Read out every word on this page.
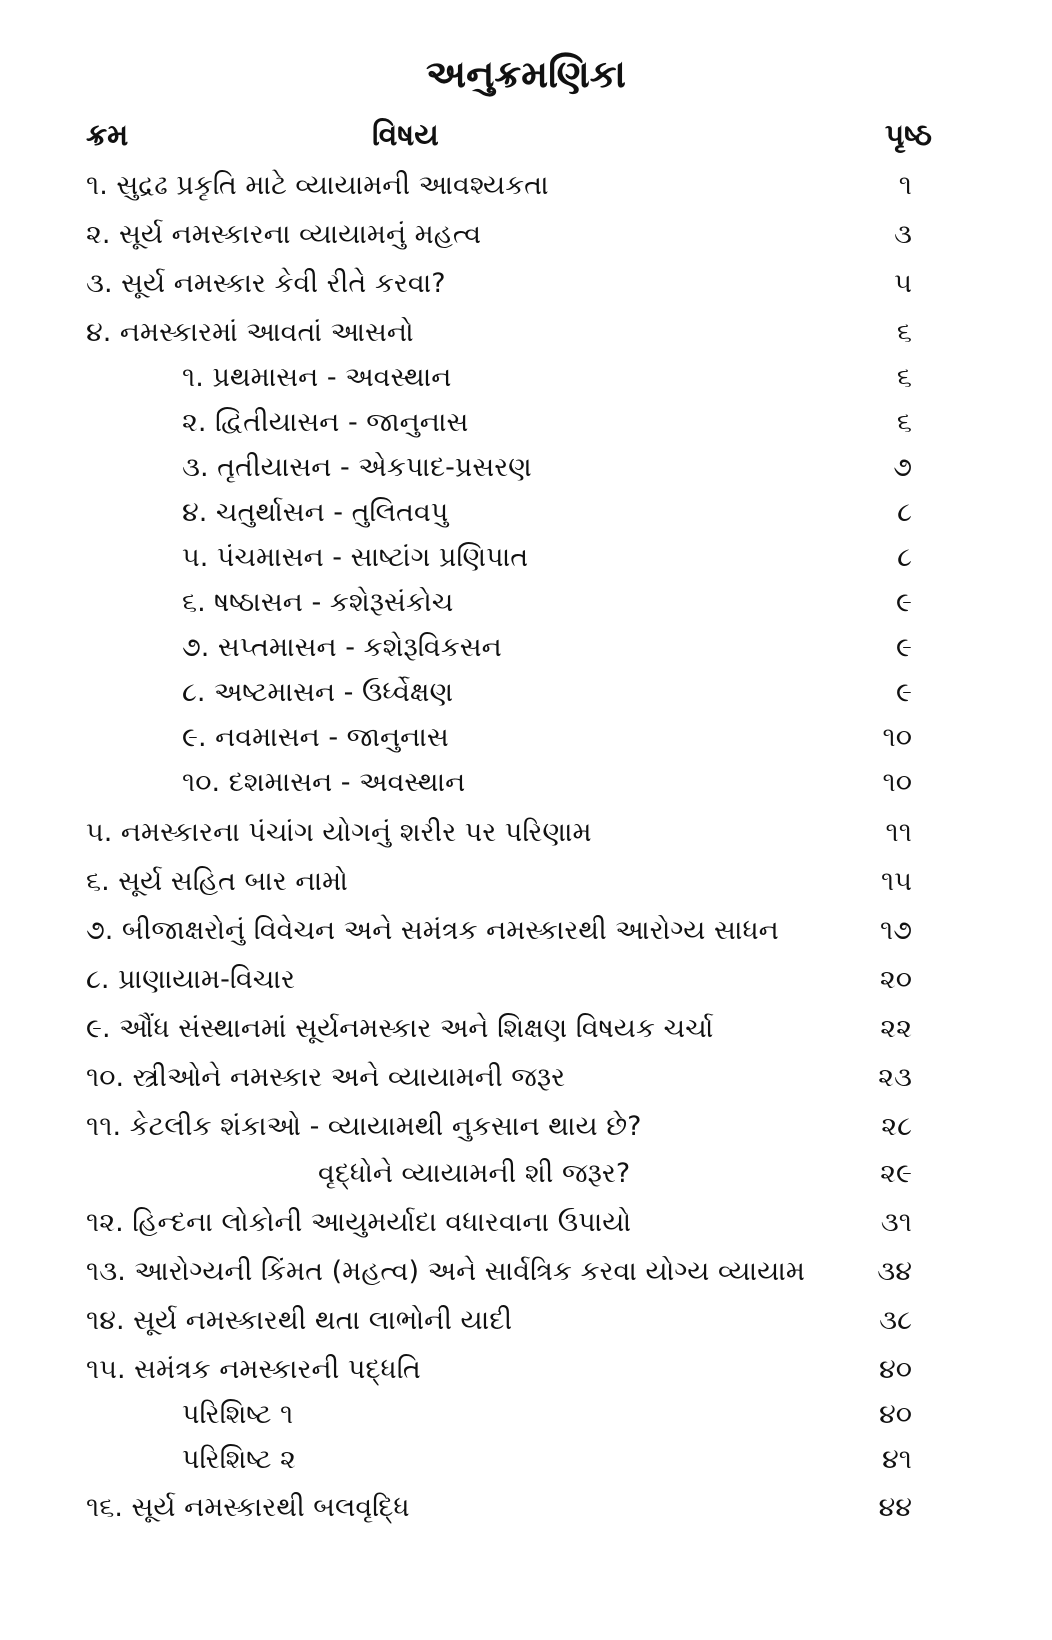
અનુક્રમણિકા
ક્રમ	વિષય	પૃષ્ઠ
૧. સુદ્રઢ પ્રકૃતિ માટે વ્યાયામની આવશ્યકતા	૧
૨. સૂર્ય નમસ્કારના વ્યાયામનું મહત્વ	૩
૩. સૂર્ય નમસ્કાર કેવી રીતે કરવા?	૫
૪. નમસ્કારમાં આવતાં આસનો	૬
૧. પ્રથમાસન - અવસ્થાન	૬
૨. દ્વિતીયાસન - જાનુનાસ	૬
૩. તૃતીયાસન - એકપાદ-પ્રસરણ	૭
૪. ચતુર્થાસન - તુલિતવપુ	૮
૫. પંચમાસન - સાષ્ટાંગ પ્રણિપાત	૮
૬. ષષ્ઠાસન - કશેરૂસંકોચ	૯
૭. સપ્તમાસન - કશેરૂવિકસન	૯
૮. અષ્ટમાસન - ઉર્ધ્વેક્ષણ	૯
૯. નવમાસન - જાનુનાસ	૧૦
૧૦. દશમાસન - અવસ્થાન	૧૦
૫. નમસ્કારના પંચાંગ યોગનું શરીર પર પરિણામ	૧૧
૬. સૂર્ય સહિત બાર નામો	૧૫
૭. બીજાક્ષરોનું વિવેચન અને સમંત્રક નમસ્કારથી આરોગ્ય સાધન	૧૭
૮. પ્રાણાયામ-વિચાર	૨૦
૯. ઔંધ સંસ્થાનમાં સૂર્યનમસ્કાર અને શિક્ષણ વિષયક ચર્ચા	૨૨
૧૦. સ્ત્રીઓને નમસ્કાર અને વ્યાયામની જરૂર	૨૩
૧૧. કેટલીક શંકાઓ - વ્યાયામથી નુકસાન થાય છે?	૨૮
વૃદ્ધોને વ્યાયામની શી જરૂર?	૨૯
૧૨. હિન્દના લોકોની આયુમર્યાદા વધારવાના ઉપાયો	૩૧
૧૩. આરોગ્યની કિંમત (મહત્વ) અને સાર્વત્રિક કરવા યોગ્ય વ્યાયામ	૩૪
૧૪. સૂર્ય નમસ્કારથી થતા લાભોની યાદી	૩૮
૧૫. સમંત્રક નમસ્કારની પદ્ધતિ	૪૦
પરિશિષ્ટ ૧	૪૦
પરિશિષ્ટ ૨	૪૧
૧૬. સૂર્ય નમસ્કારથી બલવૃદ્ધિ	૪૪
